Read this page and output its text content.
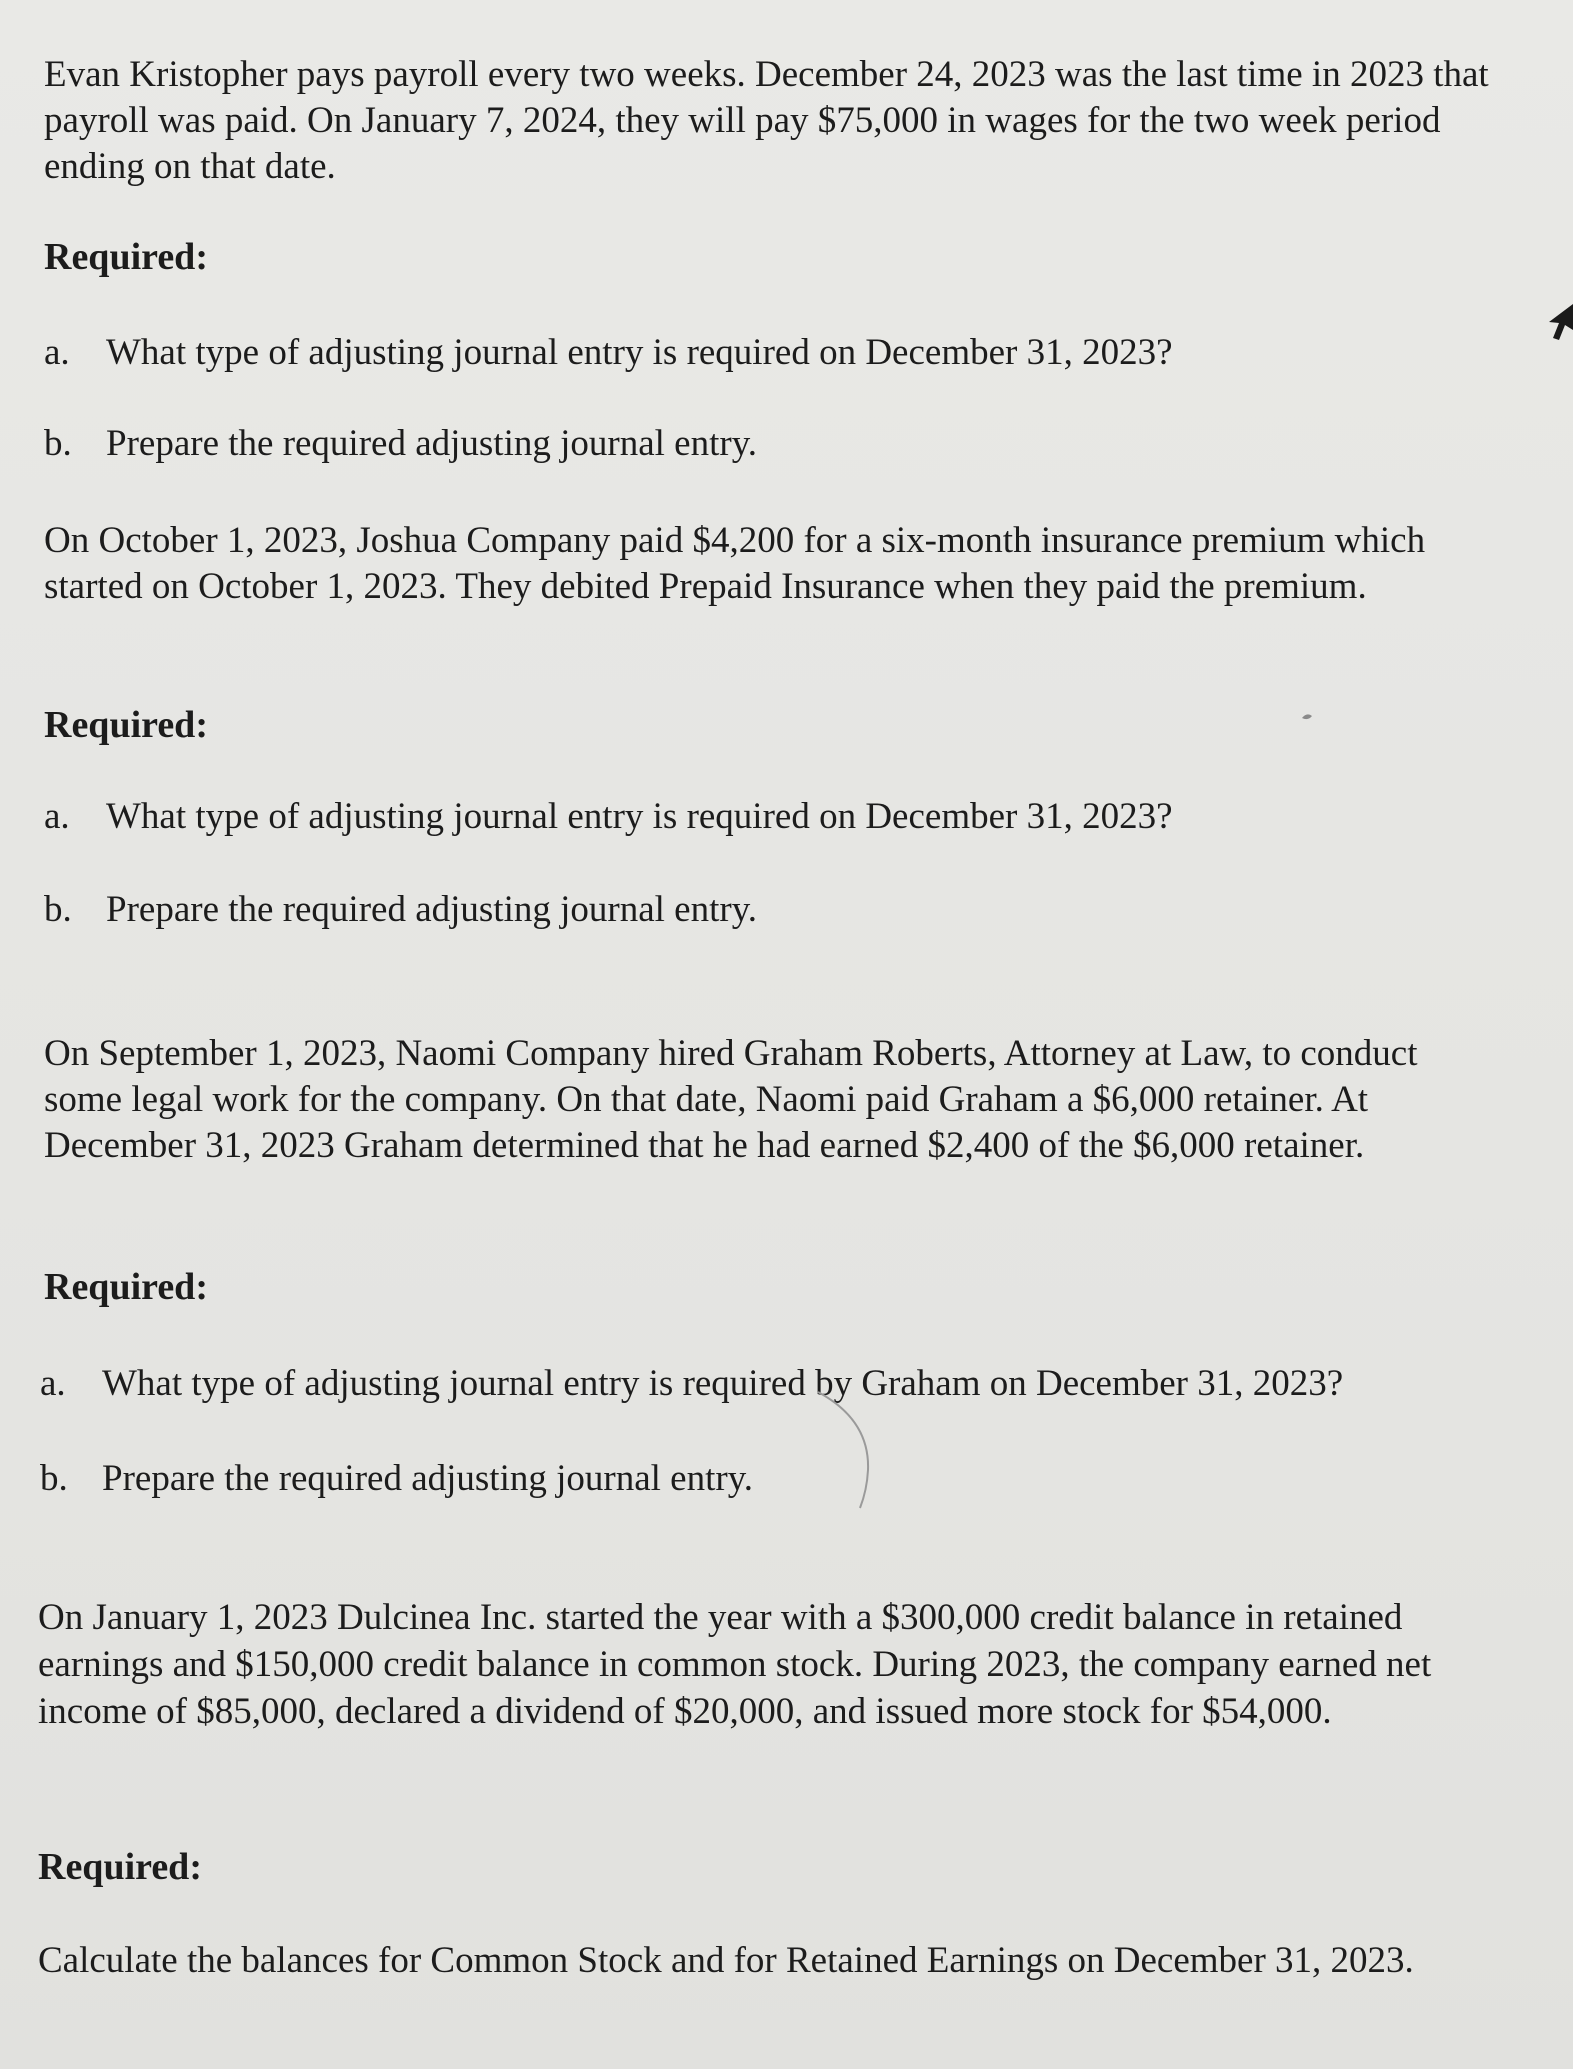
Evan Kristopher pays payroll every two weeks. December 24, 2023 was the last time in 2023 that payroll was paid. On January 7, 2024, they will pay $75,000 in wages for the two week period ending on that date.

Required:

a. What type of adjusting journal entry is required on December 31, 2023?

b. Prepare the required adjusting journal entry.

On October 1, 2023, Joshua Company paid $4,200 for a six-month insurance premium which started on October 1, 2023. They debited Prepaid Insurance when they paid the premium.

Required:

a. What type of adjusting journal entry is required on December 31, 2023?

b. Prepare the required adjusting journal entry.

On September 1, 2023, Naomi Company hired Graham Roberts, Attorney at Law, to conduct some legal work for the company. On that date, Naomi paid Graham a $6,000 retainer. At December 31, 2023 Graham determined that he had earned $2,400 of the $6,000 retainer.

Required:

a. What type of adjusting journal entry is required by Graham on December 31, 2023?

b. Prepare the required adjusting journal entry.

On January 1, 2023 Dulcinea Inc. started the year with a $300,000 credit balance in retained earnings and $150,000 credit balance in common stock. During 2023, the company earned net income of $85,000, declared a dividend of $20,000, and issued more stock for $54,000.

Required:

Calculate the balances for Common Stock and for Retained Earnings on December 31, 2023.
